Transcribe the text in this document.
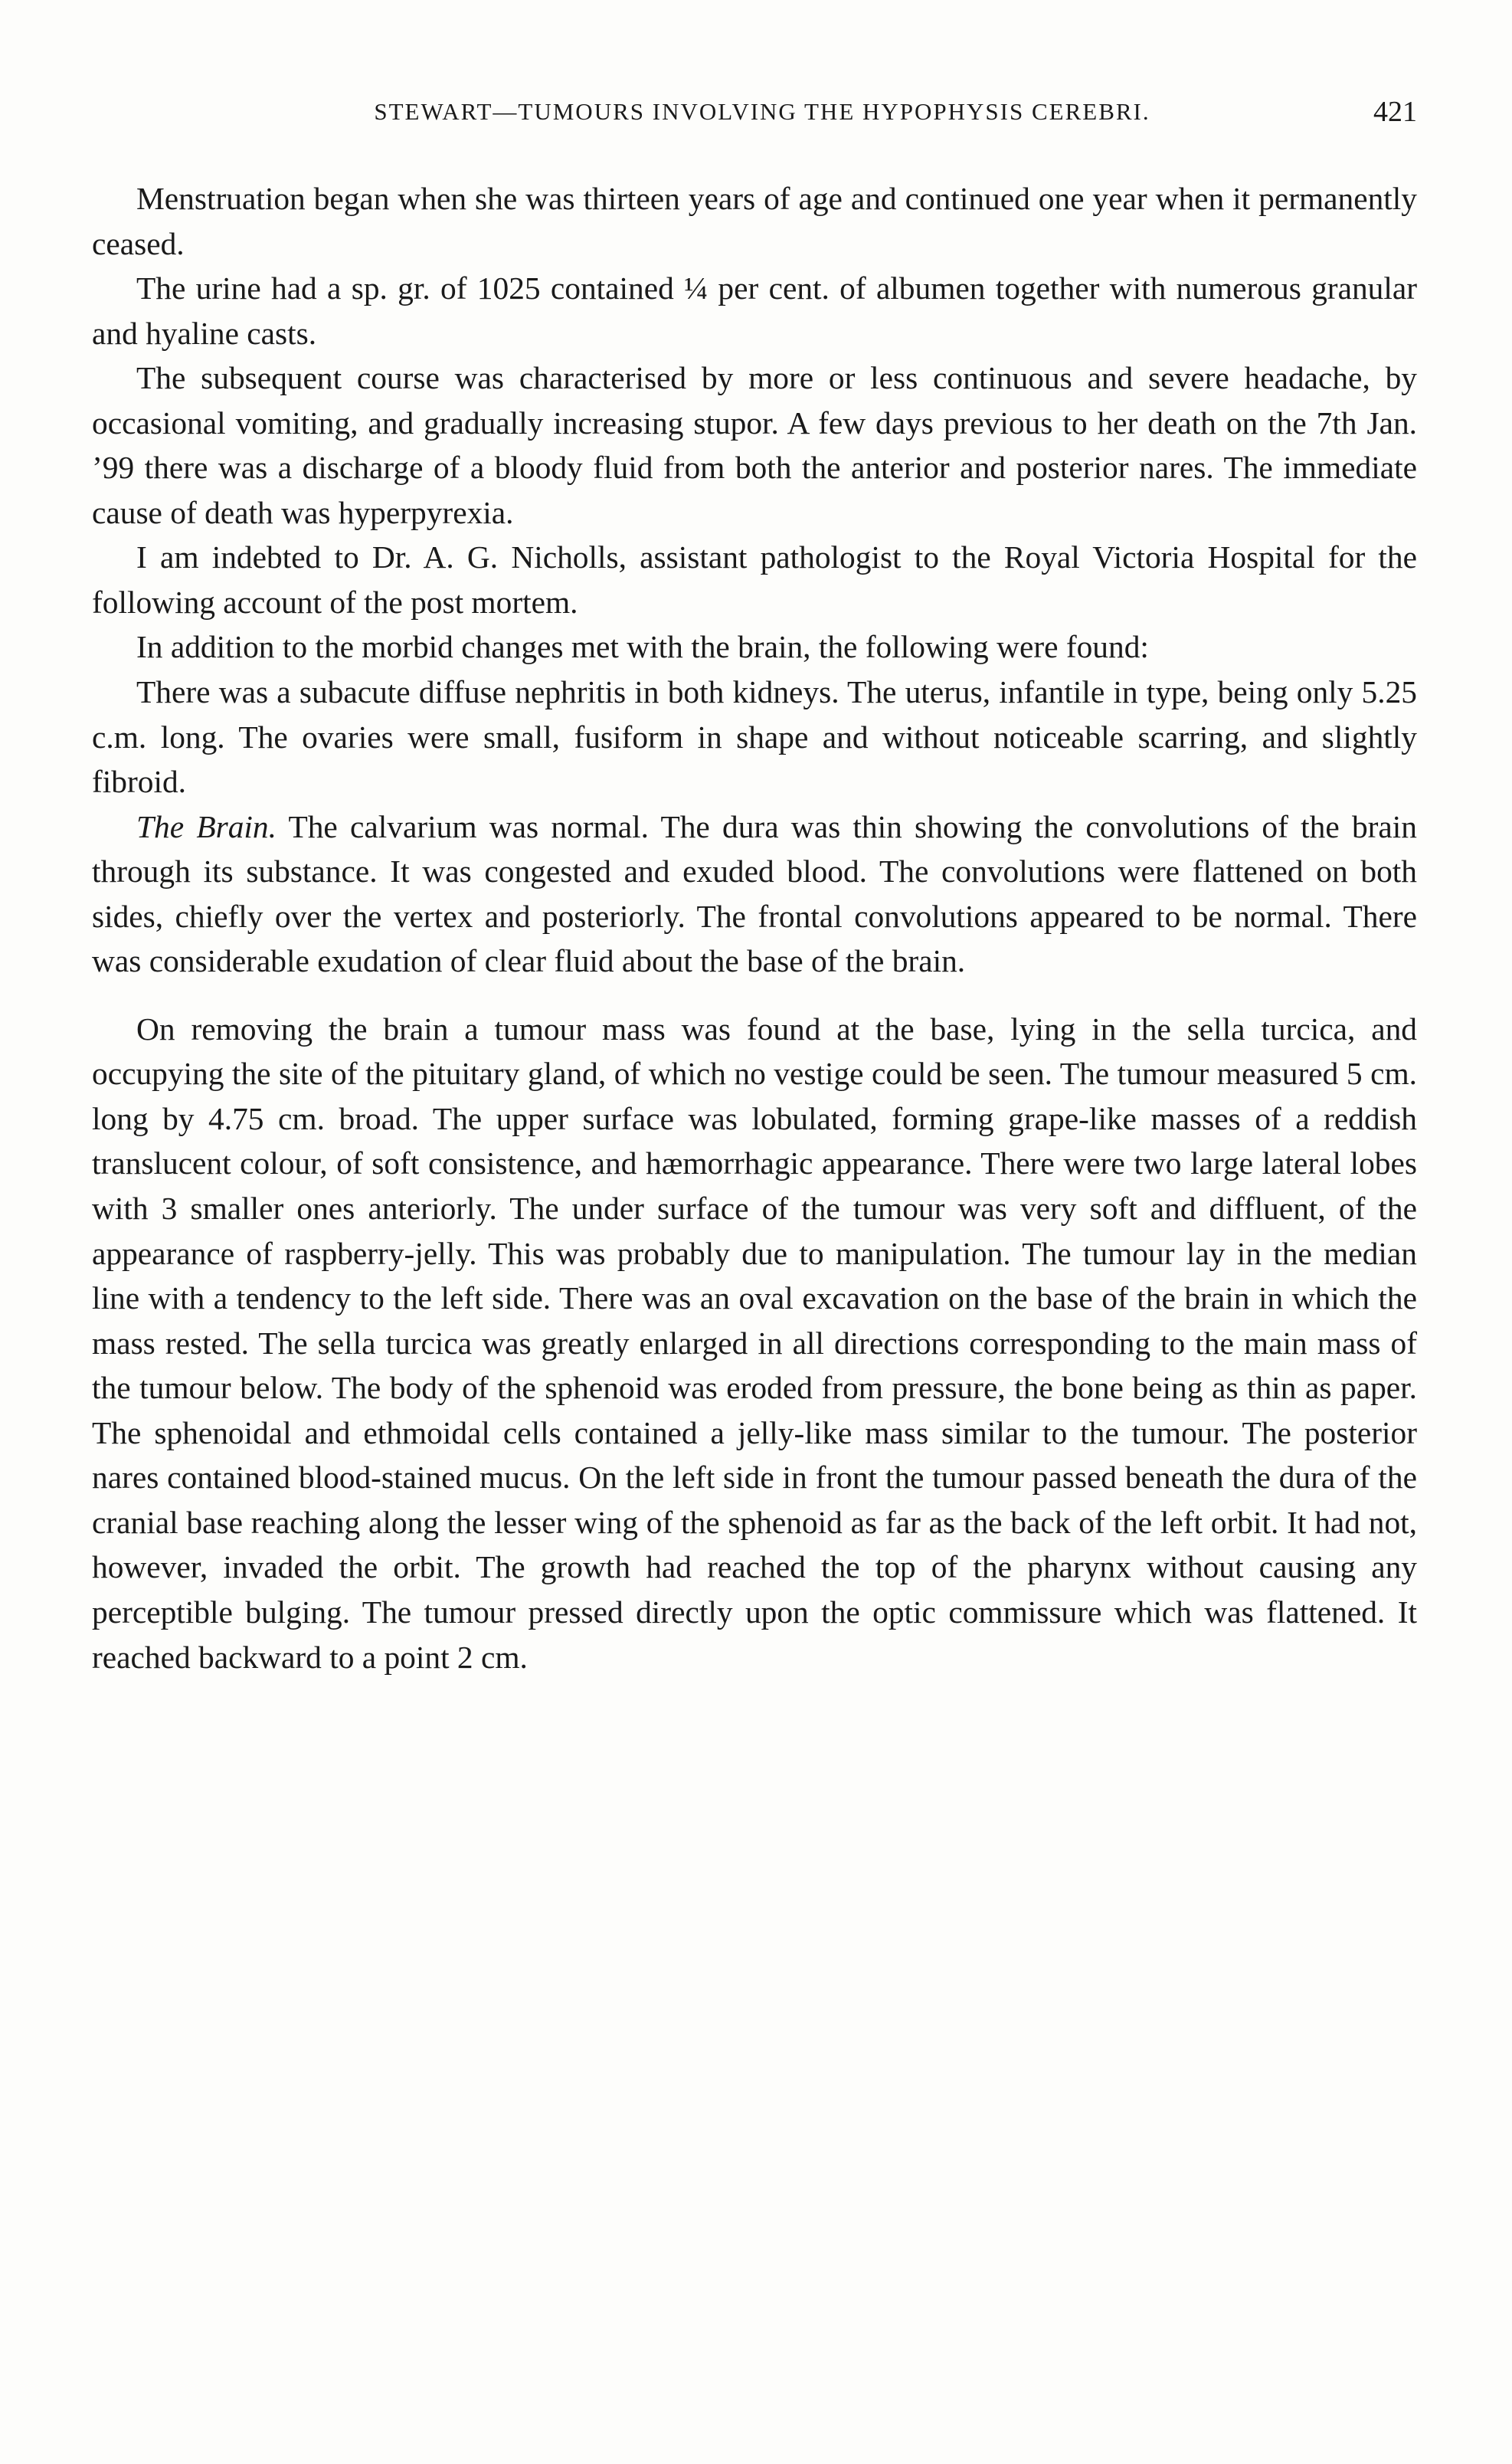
STEWART—TUMOURS INVOLVING THE HYPOPHYSIS CEREBRI.	421

Menstruation began when she was thirteen years of age and continued one year when it permanently ceased.

The urine had a sp. gr. of 1025 contained ¼ per cent. of albumen together with numerous granular and hyaline casts.

The subsequent course was characterised by more or less continuous and severe headache, by occasional vomiting, and gradually increasing stupor. A few days previous to her death on the 7th Jan. ’99 there was a discharge of a bloody fluid from both the anterior and posterior nares. The immediate cause of death was hyperpyrexia.

I am indebted to Dr. A. G. Nicholls, assistant pathologist to the Royal Victoria Hospital for the following account of the post mortem.

In addition to the morbid changes met with the brain, the following were found:

There was a subacute diffuse nephritis in both kidneys. The uterus, infantile in type, being only 5.25 c.m. long. The ovaries were small, fusiform in shape and without noticeable scarring, and slightly fibroid.

The Brain. The calvarium was normal. The dura was thin showing the convolutions of the brain through its substance. It was congested and exuded blood. The convolutions were flattened on both sides, chiefly over the vertex and posteriorly. The frontal convolutions appeared to be normal. There was considerable exudation of clear fluid about the base of the brain.

On removing the brain a tumour mass was found at the base, lying in the sella turcica, and occupying the site of the pituitary gland, of which no vestige could be seen. The tumour measured 5 cm. long by 4.75 cm. broad. The upper surface was lobulated, forming grape-like masses of a reddish translucent colour, of soft consistence, and hæmorrhagic appearance. There were two large lateral lobes with 3 smaller ones anteriorly. The under surface of the tumour was very soft and diffluent, of the appearance of raspberry-jelly. This was probably due to manipulation. The tumour lay in the median line with a tendency to the left side. There was an oval excavation on the base of the brain in which the mass rested. The sella turcica was greatly enlarged in all directions corresponding to the main mass of the tumour below. The body of the sphenoid was eroded from pressure, the bone being as thin as paper. The sphenoidal and ethmoidal cells contained a jelly-like mass similar to the tumour. The posterior nares contained blood-stained mucus. On the left side in front the tumour passed beneath the dura of the cranial base reaching along the lesser wing of the sphenoid as far as the back of the left orbit. It had not, however, invaded the orbit. The growth had reached the top of the pharynx without causing any perceptible bulging. The tumour pressed directly upon the optic commissure which was flattened. It reached backward to a point 2 cm.
